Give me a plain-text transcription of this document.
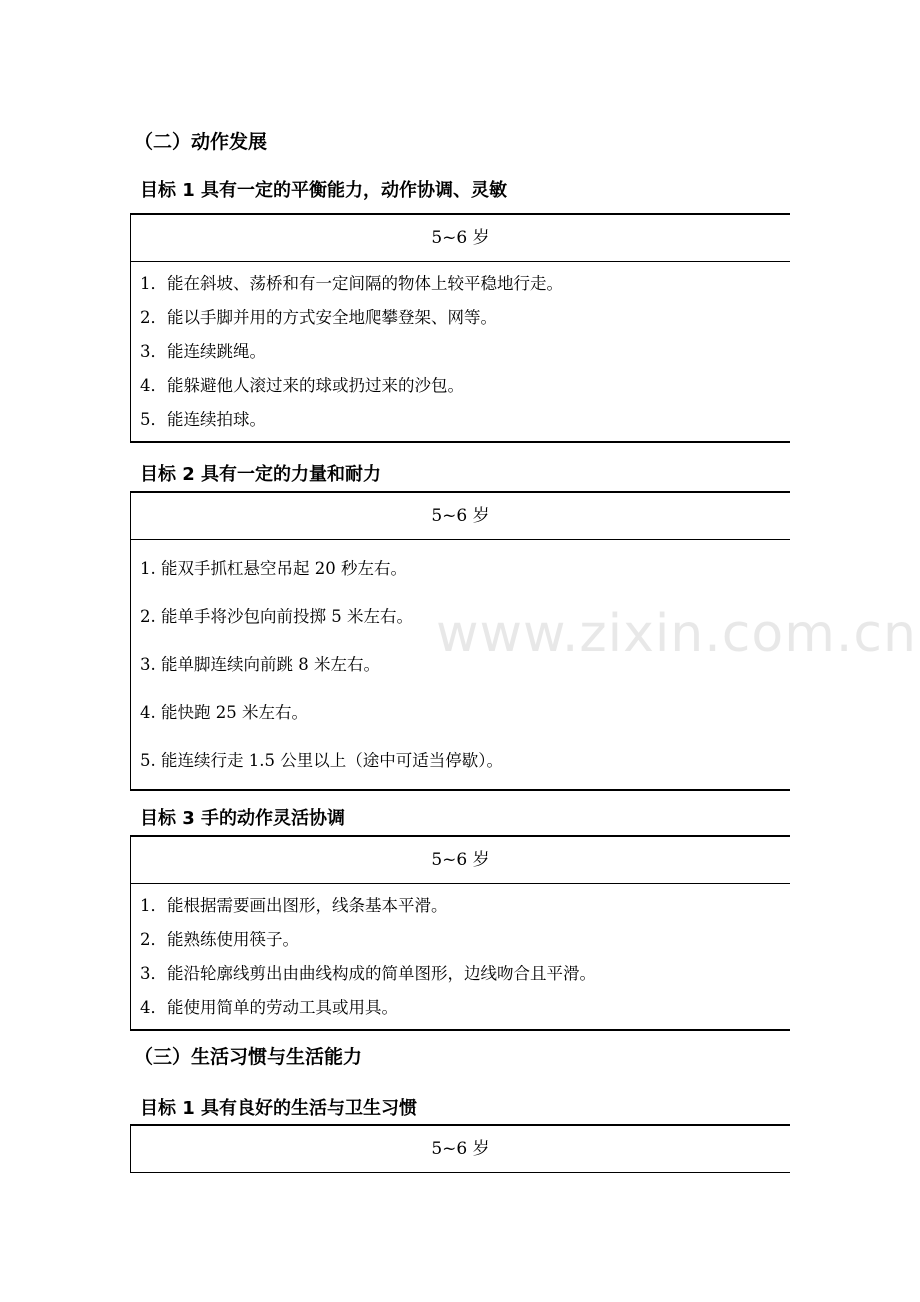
（二）动作发展
目标 1 具有一定的平衡能力，动作协调、灵敏
5~6 岁
1．能在斜坡、荡桥和有一定间隔的物体上较平稳地行走。
2．能以手脚并用的方式安全地爬攀登架、网等。
3．能连续跳绳。
4．能躲避他人滚过来的球或扔过来的沙包。
5．能连续拍球。
目标 2 具有一定的力量和耐力
5~6 岁
1. 能双手抓杠悬空吊起 20 秒左右。
2. 能单手将沙包向前投掷 5 米左右。
3. 能单脚连续向前跳 8 米左右。
4. 能快跑 25 米左右。
5. 能连续行走 1.5 公里以上（途中可适当停歇）。
目标 3 手的动作灵活协调
5~6 岁
1．能根据需要画出图形，线条基本平滑。
2．能熟练使用筷子。
3．能沿轮廓线剪出由曲线构成的简单图形，边线吻合且平滑。
4．能使用简单的劳动工具或用具。
（三）生活习惯与生活能力
目标 1 具有良好的生活与卫生习惯
5~6 岁
www.zixin.com.cn
